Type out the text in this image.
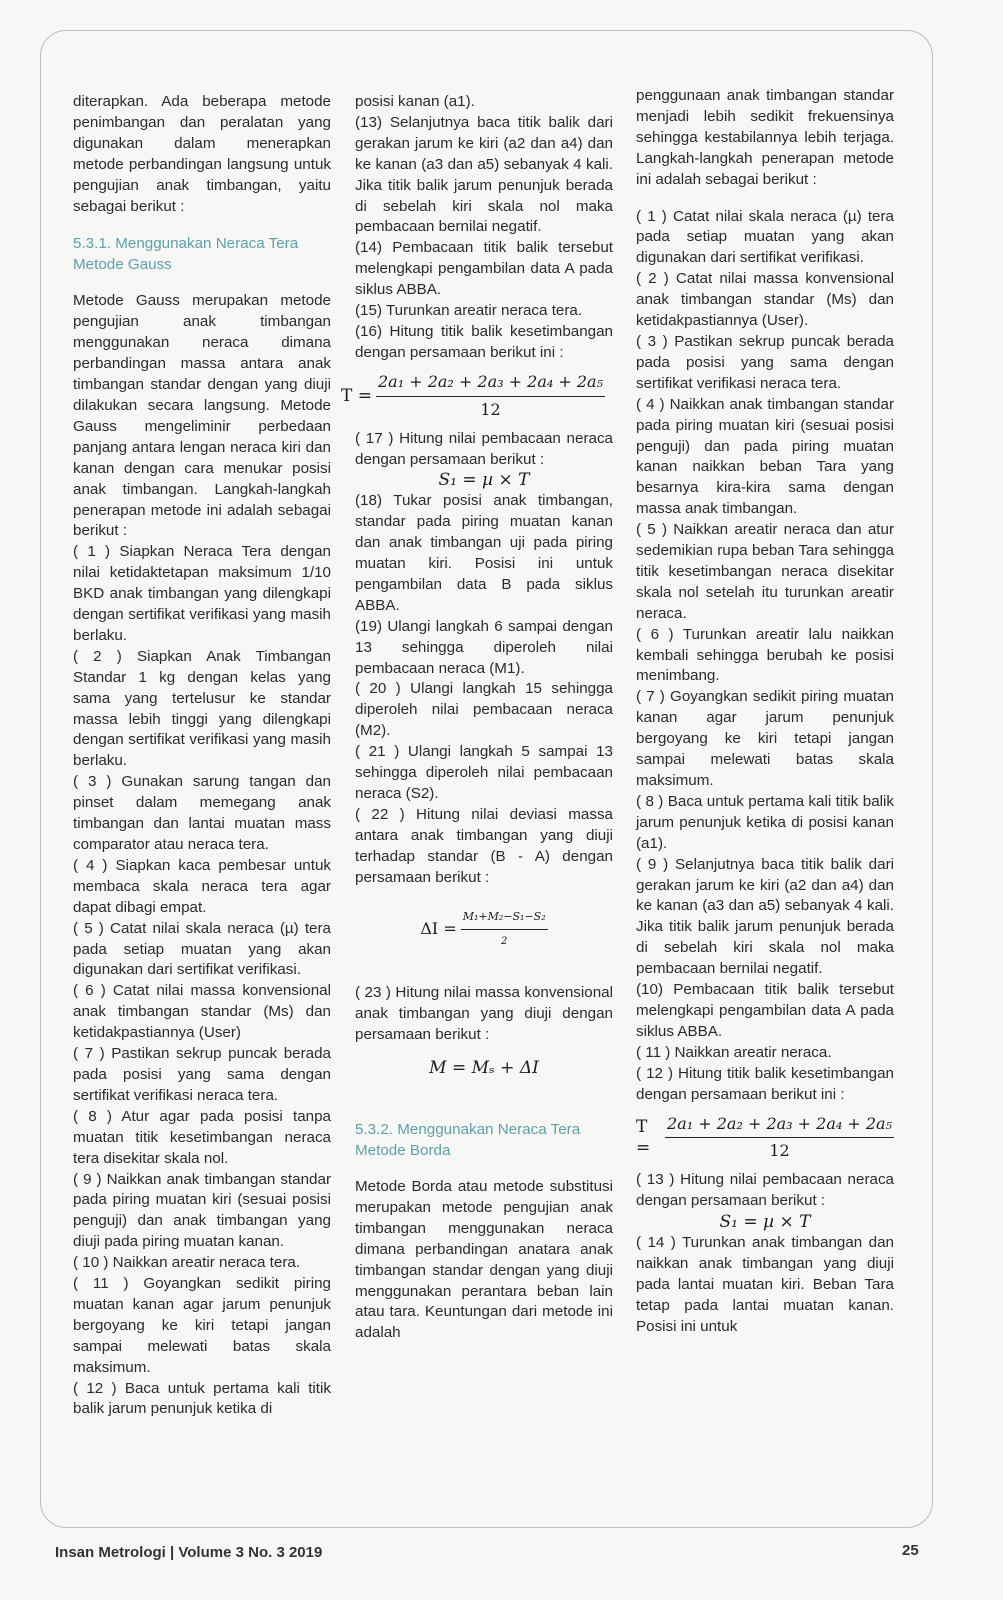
diterapkan. Ada beberapa metode penimbangan dan peralatan yang digunakan dalam menerapkan metode perbandingan langsung untuk pengujian anak timbangan, yaitu sebagai berikut :

5.3.1. Menggunakan Neraca Tera Metode Gauss

Metode Gauss merupakan metode pengujian anak timbangan menggunakan neraca dimana perbandingan massa antara anak timbangan standar dengan yang diuji dilakukan secara langsung. Metode Gauss mengeliminir perbedaan panjang antara lengan neraca kiri dan kanan dengan cara menukar posisi anak timbangan. Langkah-langkah penerapan metode ini adalah sebagai berikut :

( 1 ) Siapkan Neraca Tera dengan nilai ketidaktetapan maksimum 1/10 BKD anak timbangan yang dilengkapi dengan sertifikat verifikasi yang masih berlaku.

( 2 ) Siapkan Anak Timbangan Standar 1 kg dengan kelas yang sama yang tertelusur ke standar massa lebih tinggi yang dilengkapi dengan sertifikat verifikasi yang masih berlaku.

( 3 ) Gunakan sarung tangan dan pinset dalam memegang anak timbangan dan lantai muatan mass comparator atau neraca tera.

( 4 ) Siapkan kaca pembesar untuk membaca skala neraca tera agar dapat dibagi empat.

( 5 ) Catat nilai skala neraca (µ) tera pada setiap muatan yang akan digunakan dari sertifikat verifikasi.

( 6 ) Catat nilai massa konvensional anak timbangan standar (Ms) dan ketidakpastiannya (User)

( 7 ) Pastikan sekrup puncak berada pada posisi yang sama dengan sertifikat verifikasi neraca tera.

( 8 ) Atur agar pada posisi tanpa muatan titik kesetimbangan neraca tera disekitar skala nol.

( 9 ) Naikkan anak timbangan standar pada piring muatan kiri (sesuai posisi penguji) dan anak timbangan yang diuji pada piring muatan kanan.

( 10 ) Naikkan areatir neraca tera.

( 11 ) Goyangkan sedikit piring muatan kanan agar jarum penunjuk bergoyang ke kiri tetapi jangan sampai melewati batas skala maksimum.

( 12 ) Baca untuk pertama kali titik balik jarum penunjuk ketika di

posisi kanan (a1).

(13) Selanjutnya baca titik balik dari gerakan jarum ke kiri (a2 dan a4) dan ke kanan (a3 dan a5) sebanyak 4 kali. Jika titik balik jarum penunjuk berada di sebelah kiri skala nol maka pembacaan bernilai negatif.

(14) Pembacaan titik balik tersebut melengkapi pengambilan data A pada siklus ABBA.

(15) Turunkan areatir neraca tera.

(16) Hitung titik balik kesetimbangan dengan persamaan berikut ini :

$T = \frac{\text{2a₁ + 2a₂ + 2a₃ + 2a₄ + 2a₅}}{12}$

( 17 ) Hitung nilai pembacaan neraca dengan persamaan berikut :

S₁ = µ × T

(18) Tukar posisi anak timbangan, standar pada piring muatan kanan dan anak timbangan uji pada piring muatan kiri. Posisi ini untuk pengambilan data B pada siklus ABBA.

(19) Ulangi langkah 6 sampai dengan 13 sehingga diperoleh nilai pembacaan neraca (M1).

( 20 ) Ulangi langkah 15 sehingga diperoleh nilai pembacaan neraca (M2).

( 21 ) Ulangi langkah 5 sampai 13 sehingga diperoleh nilai pembacaan neraca (S2).

( 22 ) Hitung nilai deviasi massa antara anak timbangan yang diuji terhadap standar (B - A) dengan persamaan berikut :

$\Delta I = \frac{\text{M₁+M₂−S₁−S₂}}{2}$

( 23 ) Hitung nilai massa konvensional anak timbangan yang diuji dengan persamaan berikut :

M = Mₛ + ΔI

5.3.2. Menggunakan Neraca Tera Metode Borda

Metode Borda atau metode substitusi merupakan metode pengujian anak timbangan menggunakan neraca dimana perbandingan anatara anak timbangan standar dengan yang diuji menggunakan perantara beban lain atau tara. Keuntungan dari metode ini adalah

penggunaan anak timbangan standar menjadi lebih sedikit frekuensinya sehingga kestabilannya lebih terjaga. Langkah-langkah penerapan metode ini adalah sebagai berikut :

( 1 ) Catat nilai skala neraca (µ) tera pada setiap muatan yang akan digunakan dari sertifikat verifikasi.

( 2 ) Catat nilai massa konvensional anak timbangan standar (Ms) dan ketidakpastiannya (User).

( 3 ) Pastikan sekrup puncak berada pada posisi yang sama dengan sertifikat verifikasi neraca tera.

( 4 ) Naikkan anak timbangan standar pada piring muatan kiri (sesuai posisi penguji) dan pada piring muatan kanan naikkan beban Tara yang besarnya kira-kira sama dengan massa anak timbangan.

( 5 ) Naikkan areatir neraca dan atur sedemikian rupa beban Tara sehingga titik kesetimbangan neraca disekitar skala nol setelah itu turunkan areatir neraca.

( 6 ) Turunkan areatir lalu naikkan kembali sehingga berubah ke posisi menimbang.

( 7 ) Goyangkan sedikit piring muatan kanan agar jarum penunjuk bergoyang ke kiri tetapi jangan sampai melewati batas skala maksimum.

( 8 ) Baca untuk pertama kali titik balik jarum penunjuk ketika di posisi kanan (a1).

( 9 ) Selanjutnya baca titik balik dari gerakan jarum ke kiri (a2 dan a4) dan ke kanan (a3 dan a5) sebanyak 4 kali. Jika titik balik jarum penunjuk berada di sebelah kiri skala nol maka pembacaan bernilai negatif.

(10) Pembacaan titik balik tersebut melengkapi pengambilan data A pada siklus ABBA.

( 11 ) Naikkan areatir neraca.

( 12 ) Hitung titik balik kesetimbangan dengan persamaan berikut ini :

$T = \frac{\text{2a₁ + 2a₂ + 2a₃ + 2a₄ + 2a₅}}{12}$

( 13 ) Hitung nilai pembacaan neraca dengan persamaan berikut :

S₁ = µ × T

( 14 ) Turunkan anak timbangan dan naikkan anak timbangan yang diuji pada lantai muatan kiri. Beban Tara tetap pada lantai muatan kanan. Posisi ini untuk

Insan Metrologi | Volume 3 No. 3 2019	25
